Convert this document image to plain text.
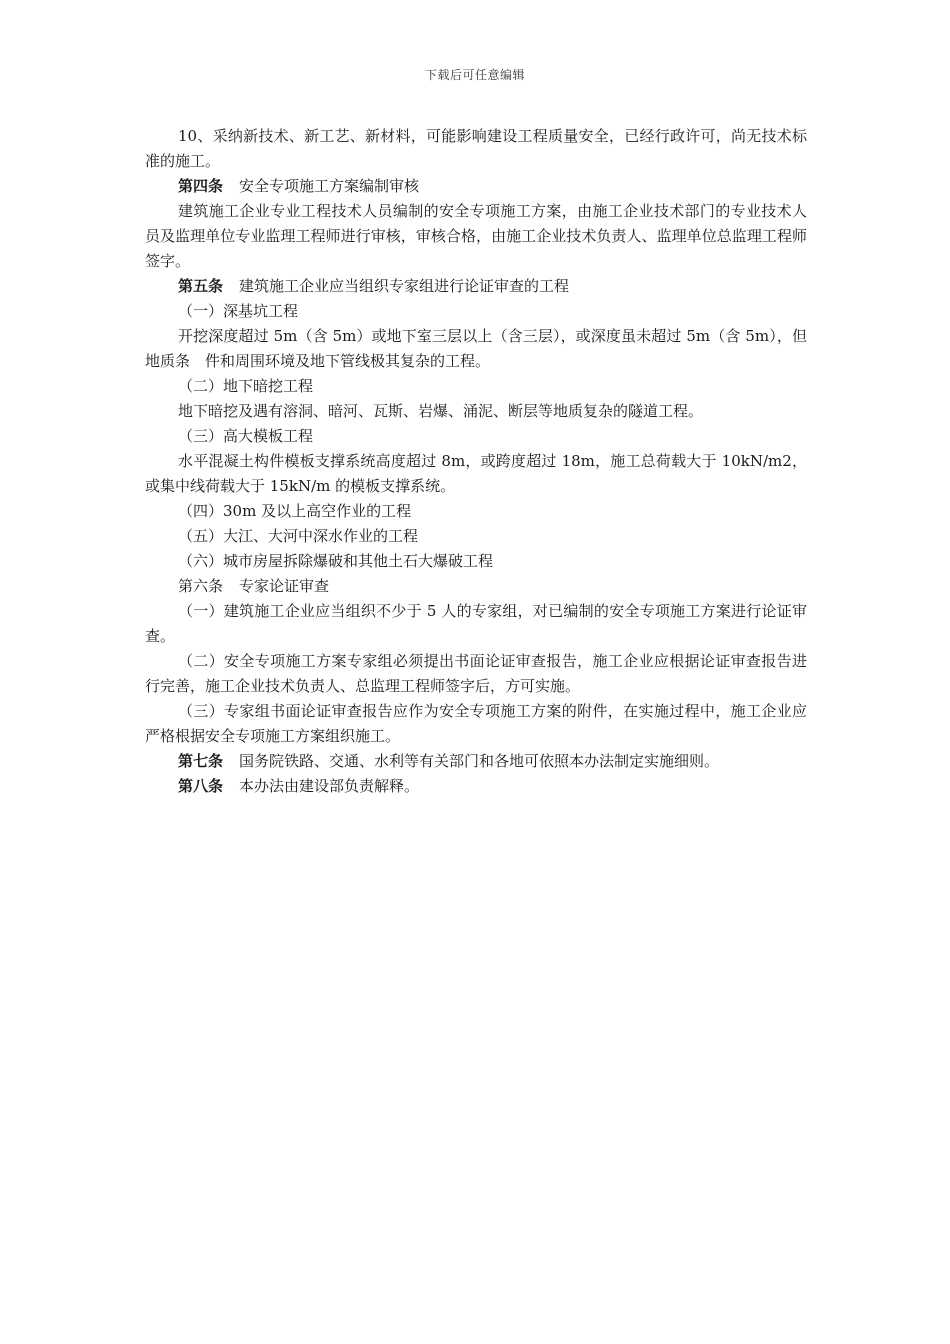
下载后可任意编辑

10、采纳新技术、新工艺、新材料，可能影响建设工程质量安全，已经行政许可，尚无技术标准的施工。

第四条 安全专项施工方案编制审核

建筑施工企业专业工程技术人员编制的安全专项施工方案，由施工企业技术部门的专业技术人员及监理单位专业监理工程师进行审核，审核合格，由施工企业技术负责人、监理单位总监理工程师签字。

第五条 建筑施工企业应当组织专家组进行论证审查的工程

（一）深基坑工程

开挖深度超过 5m（含 5m）或地下室三层以上（含三层），或深度虽未超过 5m（含 5m），但地质条　件和周围环境及地下管线极其复杂的工程。

（二）地下暗挖工程

地下暗挖及遇有溶洞、暗河、瓦斯、岩爆、涌泥、断层等地质复杂的隧道工程。

（三）高大模板工程

水平混凝土构件模板支撑系统高度超过 8m，或跨度超过 18m，施工总荷载大于 10kN/m2，或集中线荷载大于 15kN/m 的模板支撑系统。

（四）30m 及以上高空作业的工程

（五）大江、大河中深水作业的工程

（六）城市房屋拆除爆破和其他土石大爆破工程

第六条 专家论证审查

（一）建筑施工企业应当组织不少于 5 人的专家组，对已编制的安全专项施工方案进行论证审查。

（二）安全专项施工方案专家组必须提出书面论证审查报告，施工企业应根据论证审查报告进行完善，施工企业技术负责人、总监理工程师签字后，方可实施。

（三）专家组书面论证审查报告应作为安全专项施工方案的附件，在实施过程中，施工企业应严格根据安全专项施工方案组织施工。

第七条 国务院铁路、交通、水利等有关部门和各地可依照本办法制定实施细则。

第八条 本办法由建设部负责解释。
